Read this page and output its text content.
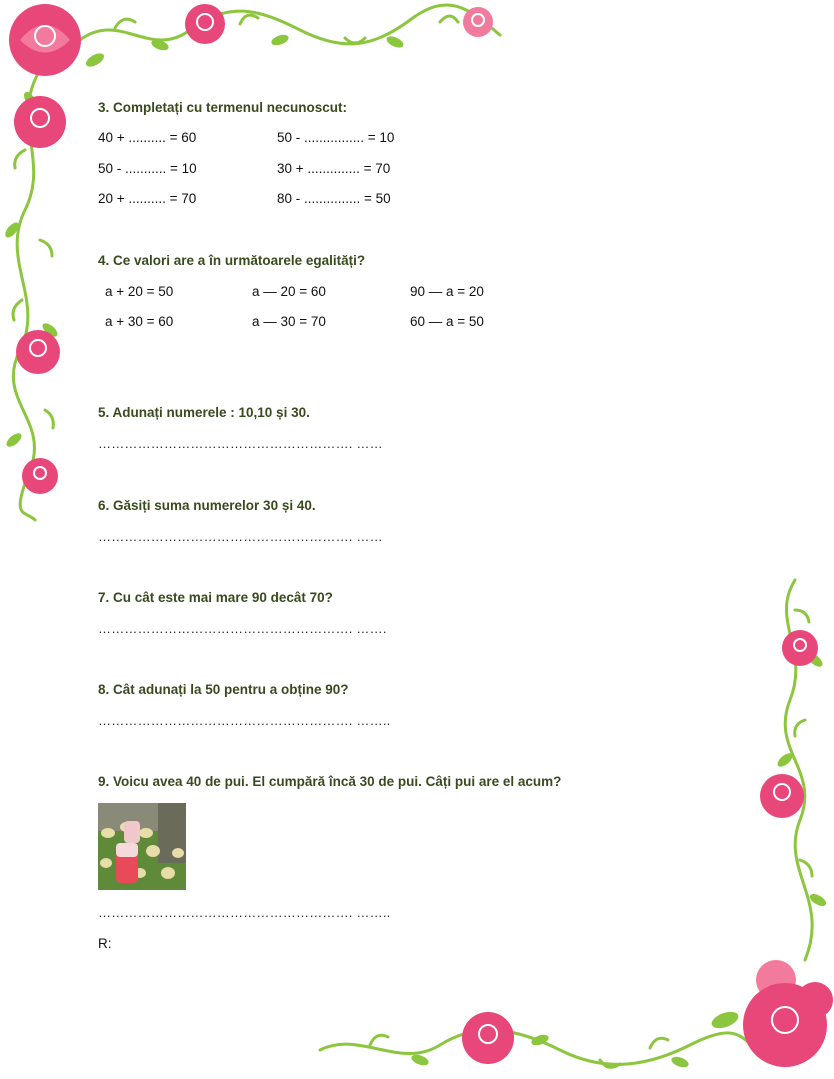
3. Completați cu termenul necunoscut:
40 + .......... = 60	50 - ................ = 10
50 - ........... = 10	30 + .............. = 70
20 + .......... = 70	80 - ............... = 50
4. Ce valori are a în următoarele egalități?
a + 20 = 50	a — 20 = 60	90 — a = 20
a + 30 = 60	a — 30 = 70	60 — a = 50
5. Adunați numerele : 10,10 și 30.
…………………………………………………. ……
6. Găsiți suma numerelor 30 și 40.
…………………………………………………. ……
7. Cu cât este mai mare 90 decât 70?
…………………………………………………. …….
8. Cât adunați la 50 pentru a obține 90?
…………………………………………………. ……..
9. Voicu avea 40 de pui. El cumpără încă 30 de pui. Câți pui are el acum?
…………………………………………………. ……..
R:
